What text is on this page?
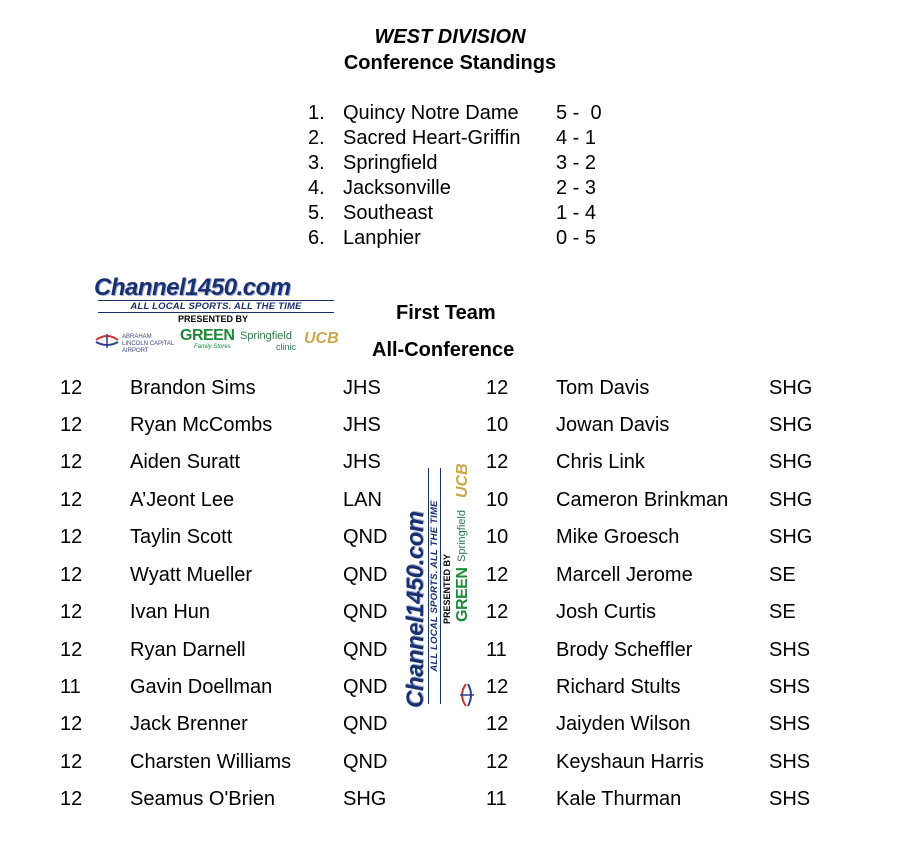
WEST DIVISION
Conference Standings
1. Quincy Notre Dame 5 -  0
2. Sacred Heart-Griffin 4 - 1
3. Springfield	3 - 2
4. Jacksonville	2 - 3
5. Southeast	1 - 4
6. Lanphier	0 - 5
Channel1450.com
ALL LOCAL SPORTS. ALL THE TIME
PRESENTED BY
ABRAHAM LINCOLN CAPITAL AIRPORT
GREEN
Family Stores
Springfield
clinic UCB
First Team
All-Conference
Channel1450.com ALL LOCAL SPORTS. ALL THE TIME PRESENTED BY GREEN
Springfield
UCB
12 Brandon Sims	JHS
12 Ryan McCombs	JHS
12 Aiden Suratt	JHS
12 A’Jeont Lee	LAN
12 Taylin Scott	QND
12 Wyatt Mueller	QND
12 Ivan Hun	QND
12 Ryan Darnell	QND
11 Gavin Doellman	QND
12 Jack Brenner	QND
12 Charsten Williams	QND
12 Seamus O'Brien	SHG
12 Tom Davis	SHG
10 Jowan Davis	SHG
12 Chris Link	SHG
10 Cameron Brinkman SHG
10 Mike Groesch	SHG
12 Marcell Jerome	SE
12 Josh Curtis	SE
11 Brody Scheffler	SHS
12 Richard Stults	SHS
12 Jaiyden Wilson	SHS
12 Keyshaun Harris	SHS
11 Kale Thurman	SHS
